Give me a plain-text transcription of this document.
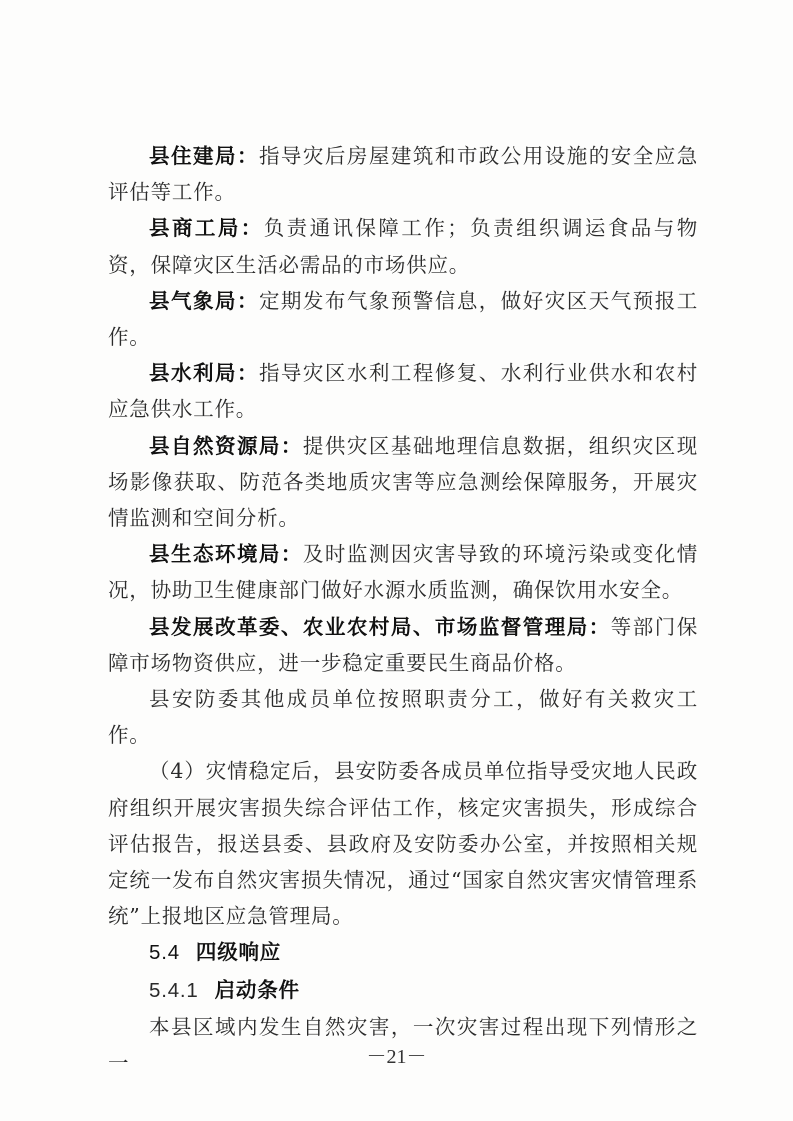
县住建局：指导灾后房屋建筑和市政公用设施的安全应急评估等工作。

县商工局：负责通讯保障工作；负责组织调运食品与物资，保障灾区生活必需品的市场供应。

县气象局：定期发布气象预警信息，做好灾区天气预报工作。

县水利局：指导灾区水利工程修复、水利行业供水和农村应急供水工作。

县自然资源局：提供灾区基础地理信息数据，组织灾区现场影像获取、防范各类地质灾害等应急测绘保障服务，开展灾情监测和空间分析。

县生态环境局：及时监测因灾害导致的环境污染或变化情况，协助卫生健康部门做好水源水质监测，确保饮用水安全。

县发展改革委、农业农村局、市场监督管理局：等部门保障市场物资供应，进一步稳定重要民生商品价格。

县安防委其他成员单位按照职责分工，做好有关救灾工作。

（4）灾情稳定后，县安防委各成员单位指导受灾地人民政府组织开展灾害损失综合评估工作，核定灾害损失，形成综合评估报告，报送县委、县政府及安防委办公室，并按照相关规定统一发布自然灾害损失情况，通过“国家自然灾害灾情管理系统”上报地区应急管理局。

5.4 四级响应

5.4.1 启动条件

本县区域内发生自然灾害，一次灾害过程出现下列情形之一	－21－
